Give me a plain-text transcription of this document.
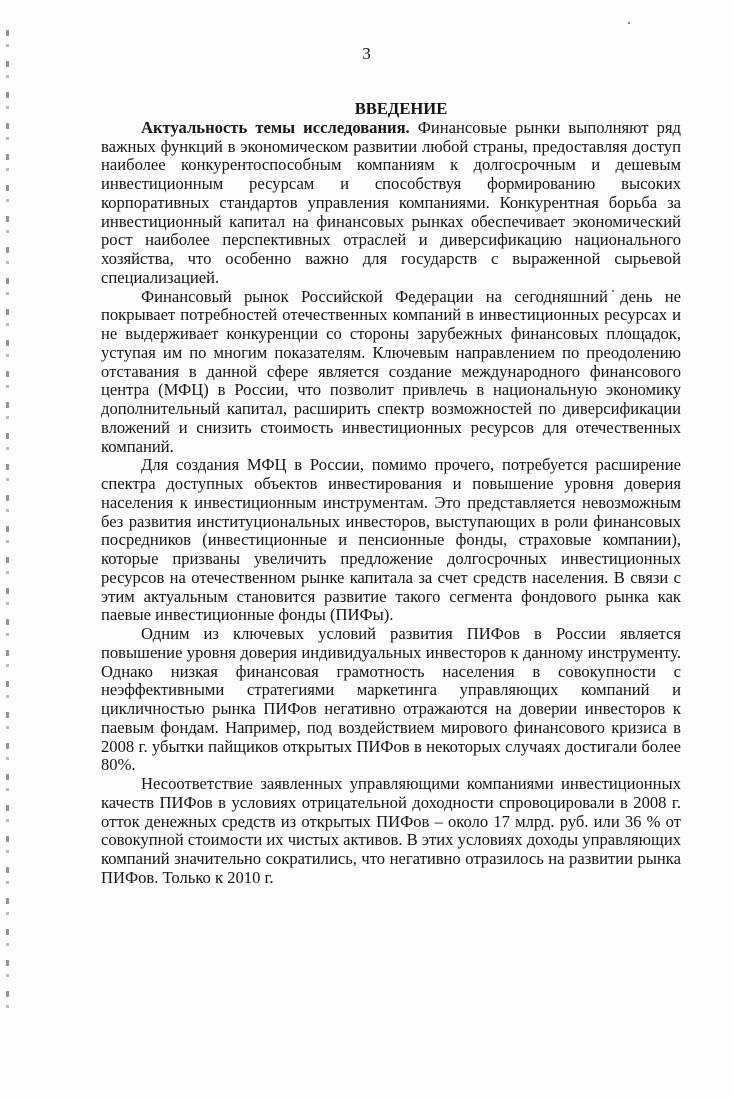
3

ВВЕДЕНИЕ

Актуальность темы исследования. Финансовые рынки выполняют ряд важных функций в экономическом развитии любой страны, предоставляя доступ наиболее конкурентоспособным компаниям к долгосрочным и дешевым инвестиционным ресурсам и способствуя формированию высоких корпоративных стандартов управления компаниями. Конкурентная борьба за инвестиционный капитал на финансовых рынках обеспечивает экономический рост наиболее перспективных отраслей и диверсификацию национального хозяйства, что особенно важно для государств с выраженной сырьевой специализацией.

Финансовый рынок Российской Федерации на сегодняшний день не покрывает потребностей отечественных компаний в инвестиционных ресурсах и не выдерживает конкуренции со стороны зарубежных финансовых площадок, уступая им по многим показателям. Ключевым направлением по преодолению отставания в данной сфере является создание международного финансового центра (МФЦ) в России, что позволит привлечь в национальную экономику дополнительный капитал, расширить спектр возможностей по диверсификации вложений и снизить стоимость инвестиционных ресурсов для отечественных компаний.

Для создания МФЦ в России, помимо прочего, потребуется расширение спектра доступных объектов инвестирования и повышение уровня доверия населения к инвестиционным инструментам. Это представляется невозможным без развития институциональных инвесторов, выступающих в роли финансовых посредников (инвестиционные и пенсионные фонды, страховые компании), которые призваны увеличить предложение долгосрочных инвестиционных ресурсов на отечественном рынке капитала за счет средств населения. В связи с этим актуальным становится развитие такого сегмента фондового рынка как паевые инвестиционные фонды (ПИФы).

Одним из ключевых условий развития ПИФов в России является повышение уровня доверия индивидуальных инвесторов к данному инструменту. Однако низкая финансовая грамотность населения в совокупности с неэффективными стратегиями маркетинга управляющих компаний и цикличностью рынка ПИФов негативно отражаются на доверии инвесторов к паевым фондам. Например, под воздействием мирового финансового кризиса в 2008 г. убытки пайщиков открытых ПИФов в некоторых случаях достигали более 80%.

Несоответствие заявленных управляющими компаниями инвестиционных качеств ПИФов в условиях отрицательной доходности спровоцировали в 2008 г. отток денежных средств из открытых ПИФов – около 17 млрд. руб. или 36 % от совокупной стоимости их чистых активов. В этих условиях доходы управляющих компаний значительно сократились, что негативно отразилось на развитии рынка ПИФов. Только к 2010 г.
